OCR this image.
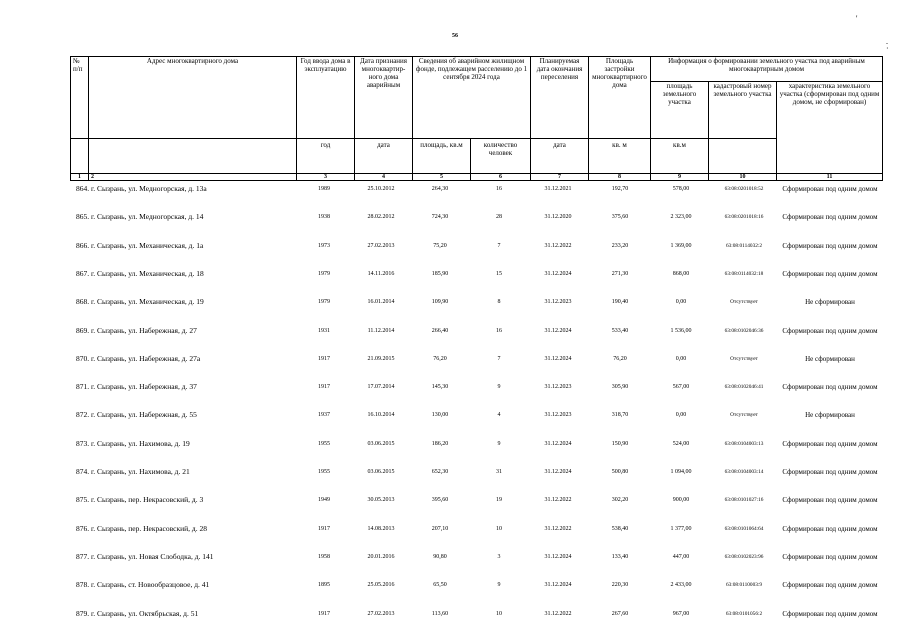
56
'
.
·
№
п/п	Адрес многоквартирного дома	Год ввода дома в эксплуатацию	Дата признания многоквартир-ного дома аварийным	Сведения об аварийном жилищном фонде, подлежащем расселению до 1 сентября 2024 года		Планируемая дата окончания переселения	Площадь застройки многоквартирного дома	Информация о формировании земельного участка под аварийным многоквартирным домом		
								площадь земельного участка	кадастровый номер земельного участка	характеристика земельного участка (сформирован под одним домом, не сформирован)
		год	дата	площадь, кв.м	количество человек	дата	кв. м	кв.м		
1	2	3	4	5	6	7	8	9	10	11
864. г. Сызрань, ул. Медногорская, д. 13а	1989	25.10.2012	264,30	16	31.12.2021	192,70	578,00	63:08:0201018:52	Сформирован под одним домом
865. г. Сызрань, ул. Медногорская, д. 14	1938	28.02.2012	724,30	28	31.12.2020	375,60	2 323,00	63:08:0201018:16	Сформирован под одним домом
866. г. Сызрань, ул. Механическая, д. 1а	1973	27.02.2013	75,20	7	31.12.2022	233,20	1 369,00	63:08:0114032:2	Сформирован под одним домом
867. г. Сызрань, ул. Механическая, д. 18	1979	14.11.2016	185,90	15	31.12.2024	271,30	868,00	63:08:0114032:18	Сформирован под одним домом
868. г. Сызрань, ул. Механическая, д. 19	1979	16.01.2014	109,90	8	31.12.2023	190,40	0,00	Отсутствует	Не сформирован
869. г. Сызрань, ул. Набережная, д. 27	1931	11.12.2014	266,40	16	31.12.2024	533,40	1 536,00	63:08:0102046:36	Сформирован под одним домом
870. г. Сызрань, ул. Набережная, д. 27а	1917	21.09.2015	76,20	7	31.12.2024	76,20	0,00	Отсутствует	Не сформирован
871. г. Сызрань, ул. Набережная, д. 37	1917	17.07.2014	145,30	9	31.12.2023	305,90	567,00	63:08:0102046:41	Сформирован под одним домом
872. г. Сызрань, ул. Набережная, д. 55	1937	16.10.2014	130,00	4	31.12.2023	318,70	0,00	Отсутствует	Не сформирован
873. г. Сызрань, ул. Нахимова, д. 19	1955	03.06.2015	186,20	9	31.12.2024	150,90	524,00	63:08:0104003:13	Сформирован под одним домом
874. г. Сызрань, ул. Нахимова, д. 21	1955	03.06.2015	652,30	31	31.12.2024	500,80	1 094,00	63:08:0104003:14	Сформирован под одним домом
875. г. Сызрань, пер. Некрасовский, д. 3	1949	30.05.2013	395,60	19	31.12.2022	302,20	900,00	63:08:0101027:16	Сформирован под одним домом
876. г. Сызрань, пер. Некрасовский, д. 28	1917	14.08.2013	207,10	10	31.12.2022	538,40	1 377,00	63:08:0101064:64	Сформирован под одним домом
877. г. Сызрань, ул. Новая Слободка, д. 141	1958	20.01.2016	90,80	3	31.12.2024	133,40	447,00	63:08:0102023:96	Сформирован под одним домом
878. г. Сызрань, ст. Новообразцовое, д. 41	1895	25.05.2016	65,50	9	31.12.2024	220,30	2 433,00	63:08:0110003:9	Сформирован под одним домом
879. г. Сызрань, ул. Октябрьская, д. 51	1917	27.02.2013	113,60	10	31.12.2022	267,60	967,00	63:08:0101056:2	Сформирован под одним домом
